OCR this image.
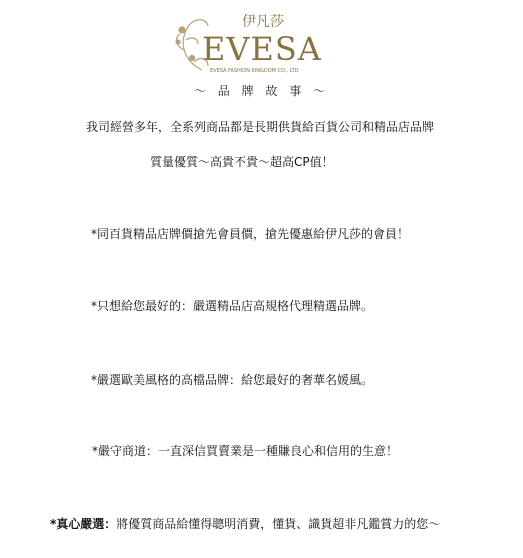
伊凡莎
EVESA
EVESA FASHION KINGDOM CO., LTD
～ 品 牌 故 事 ～
我司經營多年，全系列商品都是長期供貨給百貨公司和精品店品牌
質量優質～高貴不貴～超高CP值！
*同百貨精品店牌價搶先會員價，搶先優惠給伊凡莎的會員！
*只想給您最好的：嚴選精品店高規格代理精選品牌。
*嚴選歐美風格的高檔品牌：給您最好的奢華名媛風。
*嚴守商道：一直深信買賣業是一種賺良心和信用的生意！
*真心嚴選：將優質商品給懂得聰明消費，懂貨、識貨超非凡鑑賞力的您～
